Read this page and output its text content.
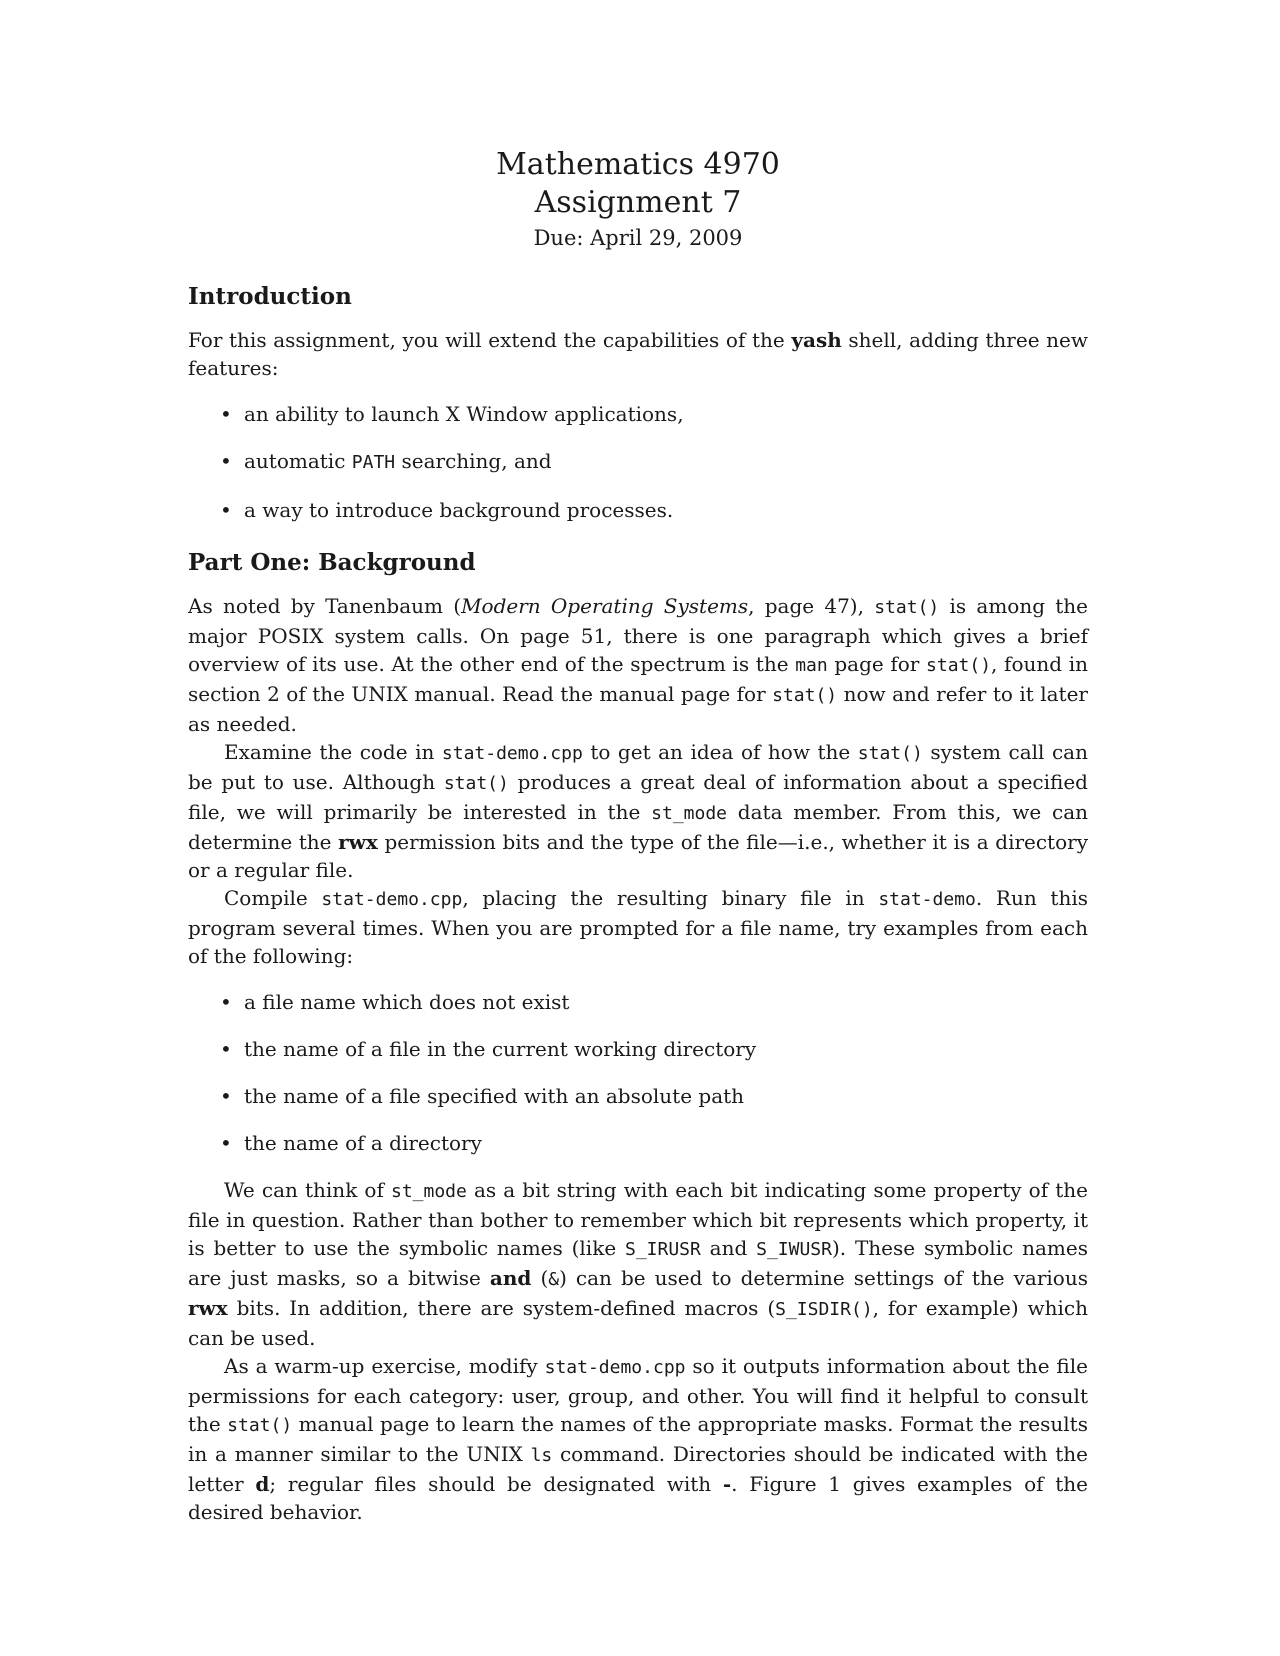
Mathematics 4970
Assignment 7
Due: April 29, 2009
Introduction

For this assignment, you will extend the capabilities of the yash shell, adding three new features:

• an ability to launch X Window applications,
• automatic PATH searching, and
• a way to introduce background processes.
Part One: Background

As noted by Tanenbaum (Modern Operating Systems, page 47), stat() is among the major POSIX system calls. On page 51, there is one paragraph which gives a brief overview of its use. At the other end of the spectrum is the man page for stat(), found in section 2 of the UNIX manual. Read the manual page for stat() now and refer to it later as needed.

Examine the code in stat-demo.cpp to get an idea of how the stat() system call can be put to use. Although stat() produces a great deal of information about a specified file, we will primarily be interested in the st_mode data member. From this, we can determine the rwx permission bits and the type of the file—i.e., whether it is a directory or a regular file.

Compile stat-demo.cpp, placing the resulting binary file in stat-demo. Run this program several times. When you are prompted for a file name, try examples from each of the following:

• a file name which does not exist
• the name of a file in the current working directory
• the name of a file specified with an absolute path
• the name of a directory

We can think of st_mode as a bit string with each bit indicating some property of the file in question. Rather than bother to remember which bit represents which property, it is better to use the symbolic names (like S_IRUSR and S_IWUSR). These symbolic names are just masks, so a bitwise and (&) can be used to determine settings of the various rwx bits. In addition, there are system-defined macros (S_ISDIR(), for example) which can be used.

As a warm-up exercise, modify stat-demo.cpp so it outputs information about the file permissions for each category: user, group, and other. You will find it helpful to consult the stat() manual page to learn the names of the appropriate masks. Format the results in a manner similar to the UNIX ls command. Directories should be indicated with the letter d; regular files should be designated with -. Figure 1 gives examples of the desired behavior.
